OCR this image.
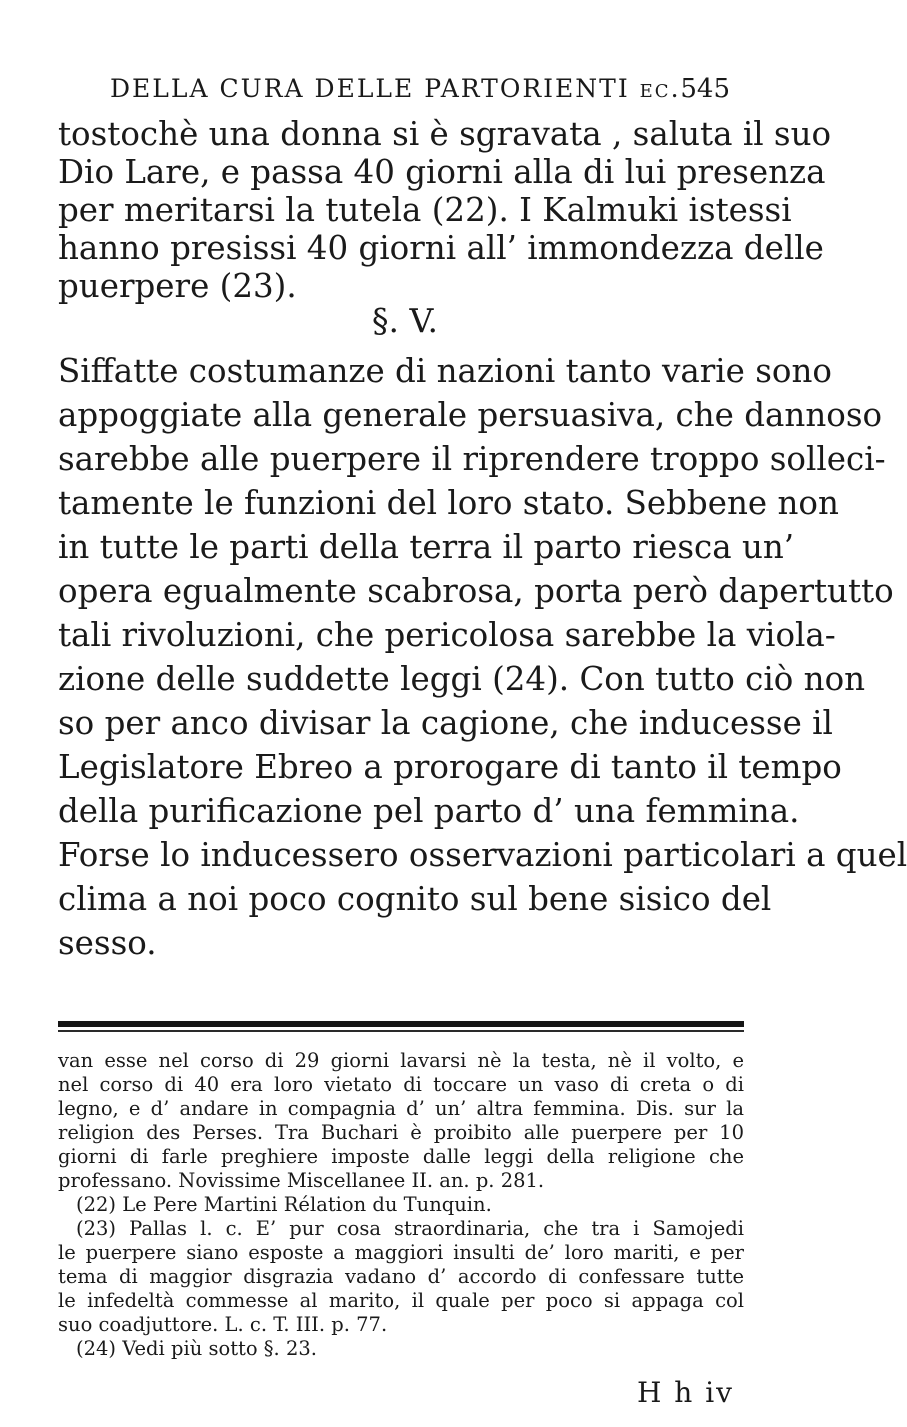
DELLA CURA DELLE PARTORIENTI ec. 545
tostochè una donna si è sgravata , saluta il suo
Dio Lare, e passa 40 giorni alla di lui presenza
per meritarsi la tutela (22). I Kalmuki istessi
hanno presissi 40 giorni all’ immondezza delle
puerpere (23).
§. V.
Siffatte costumanze di nazioni tanto varie sono
appoggiate alla generale persuasiva, che dannoso
sarebbe alle puerpere il riprendere troppo solleci-
tamente le funzioni del loro stato. Sebbene non
in tutte le parti della terra il parto riesca un’
opera egualmente scabrosa, porta però dapertutto
tali rivoluzioni, che pericolosa sarebbe la viola-
zione delle suddette leggi (24). Con tutto ciò non
so per anco divisar la cagione, che inducesse il
Legislatore Ebreo a prorogare di tanto il tempo
della purificazione pel parto d’ una femmina.
Forse lo inducessero osservazioni particolari a quel
clima a noi poco cognito sul bene sisico del
sesso.
van esse nel corso di 29 giorni lavarsi nè la testa, nè il volto, e
nel corso di 40 era loro vietato di toccare un vaso di creta o di
legno, e d’ andare in compagnia d’ un’ altra femmina. Dis. sur la
religion des Perses. Tra Buchari è proibito alle puerpere per 10
giorni di farle preghiere imposte dalle leggi della religione che
professano. Novissime Miscellanee II. an. p. 281.
(22) Le Pere Martini Rélation du Tunquin.
(23) Pallas l. c. E’ pur cosa straordinaria, che tra i Samojedi
le puerpere siano esposte a maggiori insulti de’ loro mariti, e per
tema di maggior disgrazia vadano d’ accordo di confessare tutte
le infedeltà commesse al marito, il quale per poco si appaga col
suo coadjuttore. L. c. T. III. p. 77.
(24) Vedi più sotto §. 23.
H h iv
